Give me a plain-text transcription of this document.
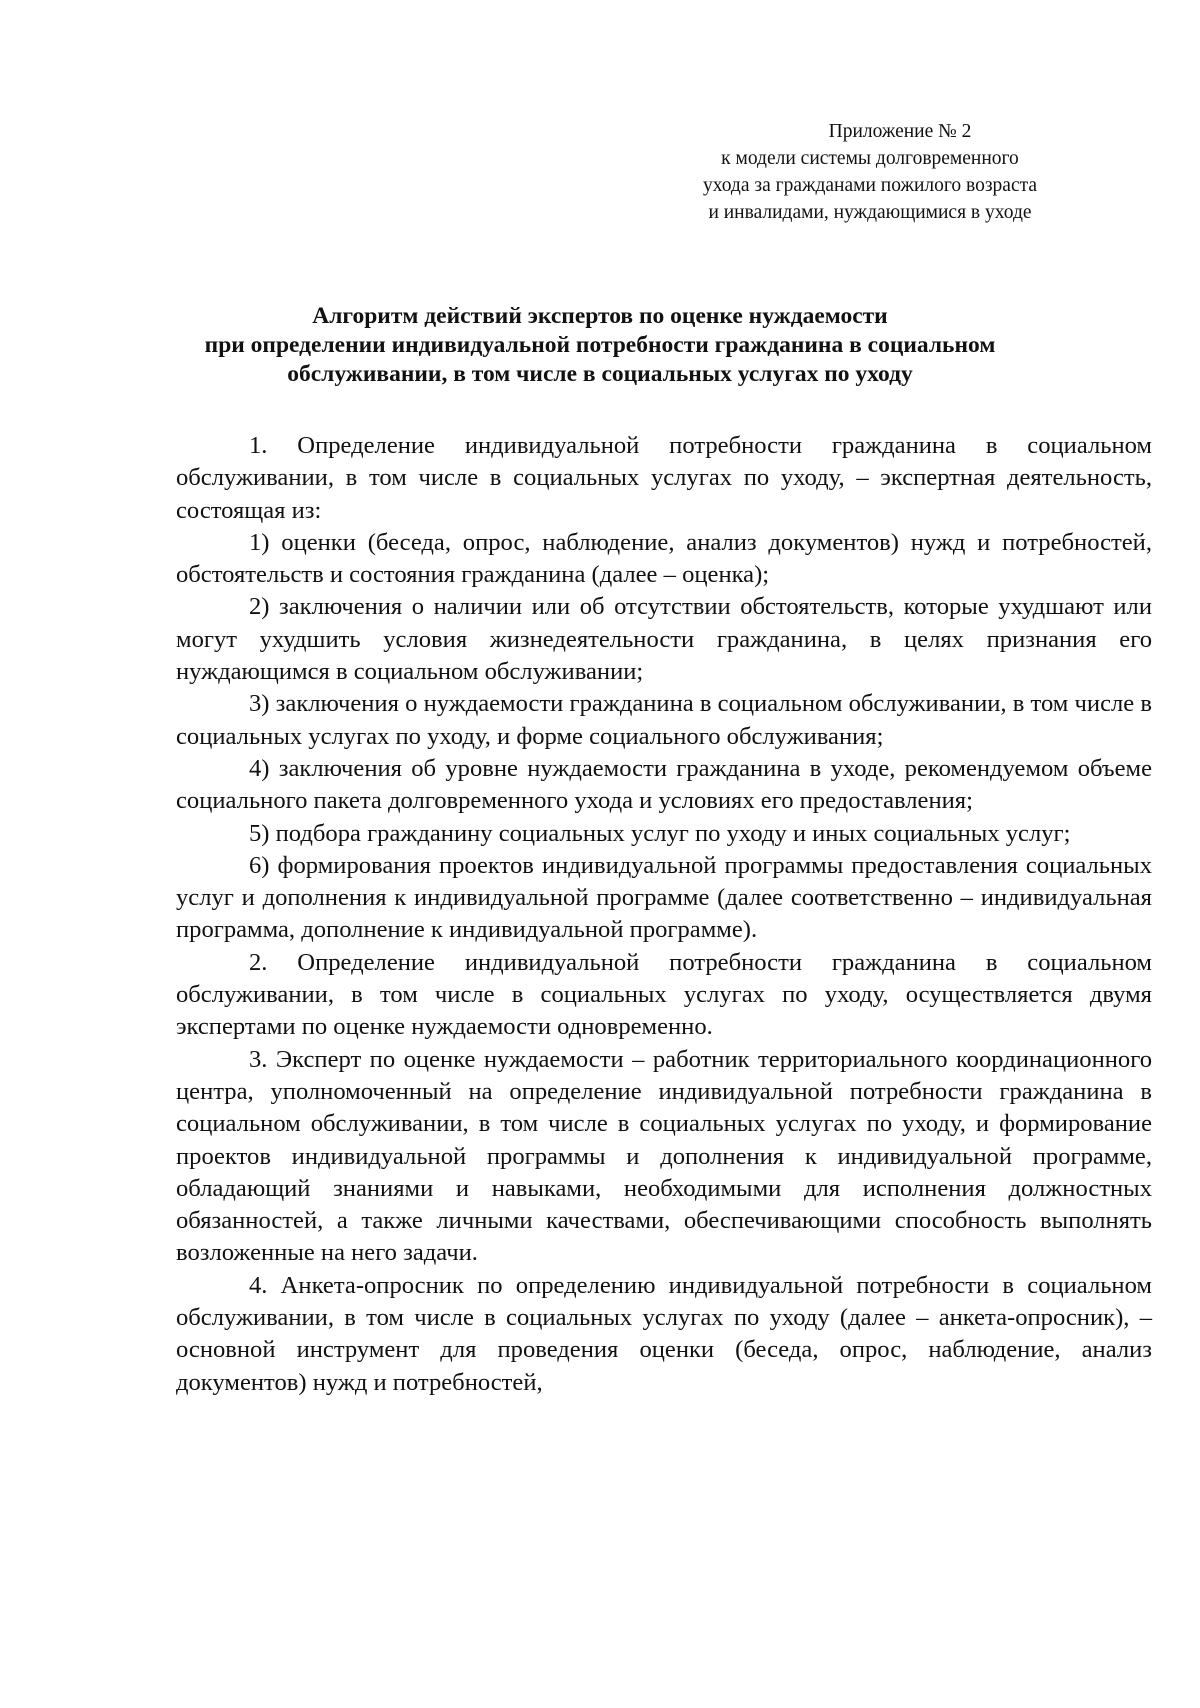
Приложение № 2
к модели системы долговременного
ухода за гражданами пожилого возраста
и инвалидами, нуждающимися в уходе
Алгоритм действий экспертов по оценке нуждаемости
при определении индивидуальной потребности гражданина в социальном
обслуживании, в том числе в социальных услугах по уходу

1. Определение индивидуальной потребности гражданина в социальном обслуживании, в том числе в социальных услугах по уходу, – экспертная деятельность, состоящая из:

1) оценки (беседа, опрос, наблюдение, анализ документов) нужд и потребностей, обстоятельств и состояния гражданина (далее – оценка);

2) заключения о наличии или об отсутствии обстоятельств, которые ухудшают или могут ухудшить условия жизнедеятельности гражданина, в целях признания его нуждающимся в социальном обслуживании;

3) заключения о нуждаемости гражданина в социальном обслуживании, в том числе в социальных услугах по уходу, и форме социального обслуживания;

4) заключения об уровне нуждаемости гражданина в уходе, рекомендуемом объеме социального пакета долговременного ухода и условиях его предоставления;

5) подбора гражданину социальных услуг по уходу и иных социальных услуг;

6) формирования проектов индивидуальной программы предоставления социальных услуг и дополнения к индивидуальной программе (далее соответственно – индивидуальная программа, дополнение к индивидуальной программе).

2. Определение индивидуальной потребности гражданина в социальном обслуживании, в том числе в социальных услугах по уходу, осуществляется двумя экспертами по оценке нуждаемости одновременно.

3. Эксперт по оценке нуждаемости – работник территориального координационного центра, уполномоченный на определение индивидуальной потребности гражданина в социальном обслуживании, в том числе в социальных услугах по уходу, и формирование проектов индивидуальной программы и дополнения к индивидуальной программе, обладающий знаниями и навыками, необходимыми для исполнения должностных обязанностей, а также личными качествами, обеспечивающими способность выполнять возложенные на него задачи.

4. Анкета-опросник по определению индивидуальной потребности в социальном обслуживании, в том числе в социальных услугах по уходу (далее – анкета-опросник), – основной инструмент для проведения оценки (беседа, опрос, наблюдение, анализ документов) нужд и потребностей,
